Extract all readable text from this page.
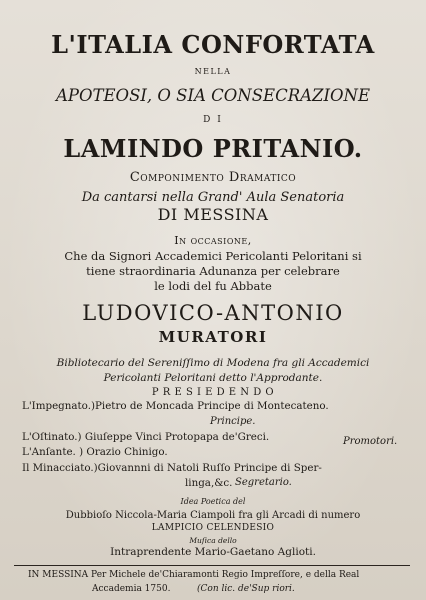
L'ITALIA CONFORTATA
NELLA
APOTEOSI, O SIA CONSECRAZIONE
D I
LAMINDO PRITANIO.
Componimento Dramatico
Da cantarsi nella Grand' Aula Senatoria
DI MESSINA
In occasione,
Che da Signori Accademici Pericolanti Peloritani si
tiene straordinaria Adunanza per celebrare
le lodi del fu Abbate
LUDOVICO-ANTONIO
MURATORI
Bibliotecario del Sereniſſimo di Modena fra gli Accademici
Pericolanti Peloritani detto l'Approdante.
P R E S I E D E N D O
L'Impegnato.)Pietro de Moncada Principe di Montecateno.
Principe.
L'Oſtinato.) Giuſeppe Vinci Protopapa de'Greci.	Promotori.
L'Anſante. ) Orazio Chinigo.
Il Minacciato.)Giovannni di Natoli Ruſſo Principe di Sper-
linga,&c. Segretario.
Idea Poetica del
Dubbioſo Niccola-Maria Ciampoli fra gli Arcadi di numero
LAMPICIO CELENDESIO
Muſica dello
Intraprendente Mario-Gaetano Aglioti.
IN MESSINA Per Michele de'Chiaramonti Regio Impreſſore, e della Real
Accademia 1750.	(Con lic. de'Sup riori.
